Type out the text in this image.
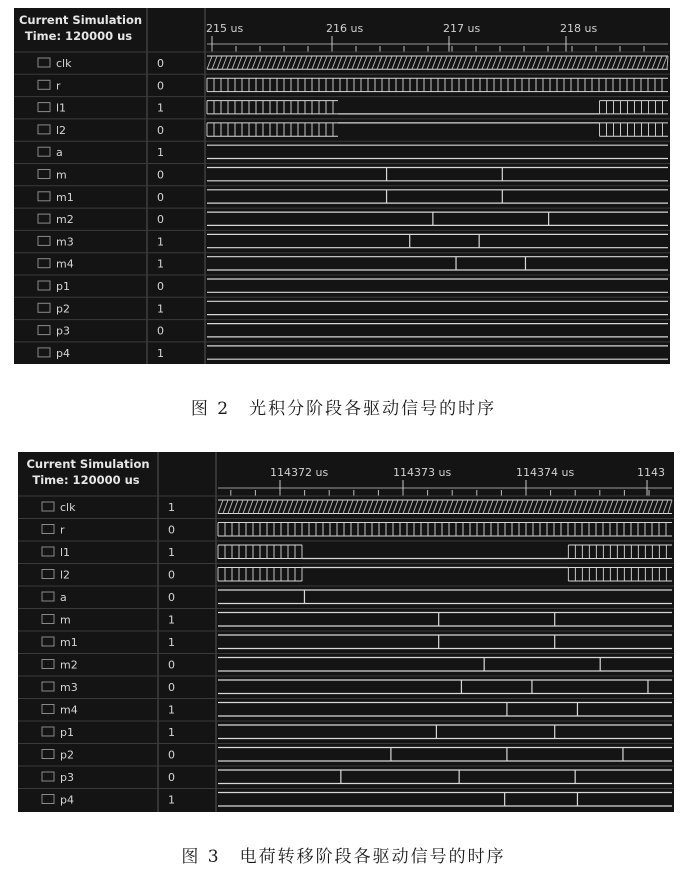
Current Simulation
Time: 120000 us
215 us	216 us	217 us	218 us
clk	0
r	0
l1	1
l2	0
a	1
m	0
m1	0
m2	0
m3	1
m4	1
p1	0
p2	1
p3	0
p4	1
图 2　光积分阶段各驱动信号的时序
Current Simulation
Time: 120000 us
114372 us	114373 us	114374 us	1143
clk	1
r	0
l1	1
l2	0
a	0
m	1
m1	1
m2	0
m3	0
m4	1
p1	1
p2	0
p3	0
p4	1
图 3　电荷转移阶段各驱动信号的时序
